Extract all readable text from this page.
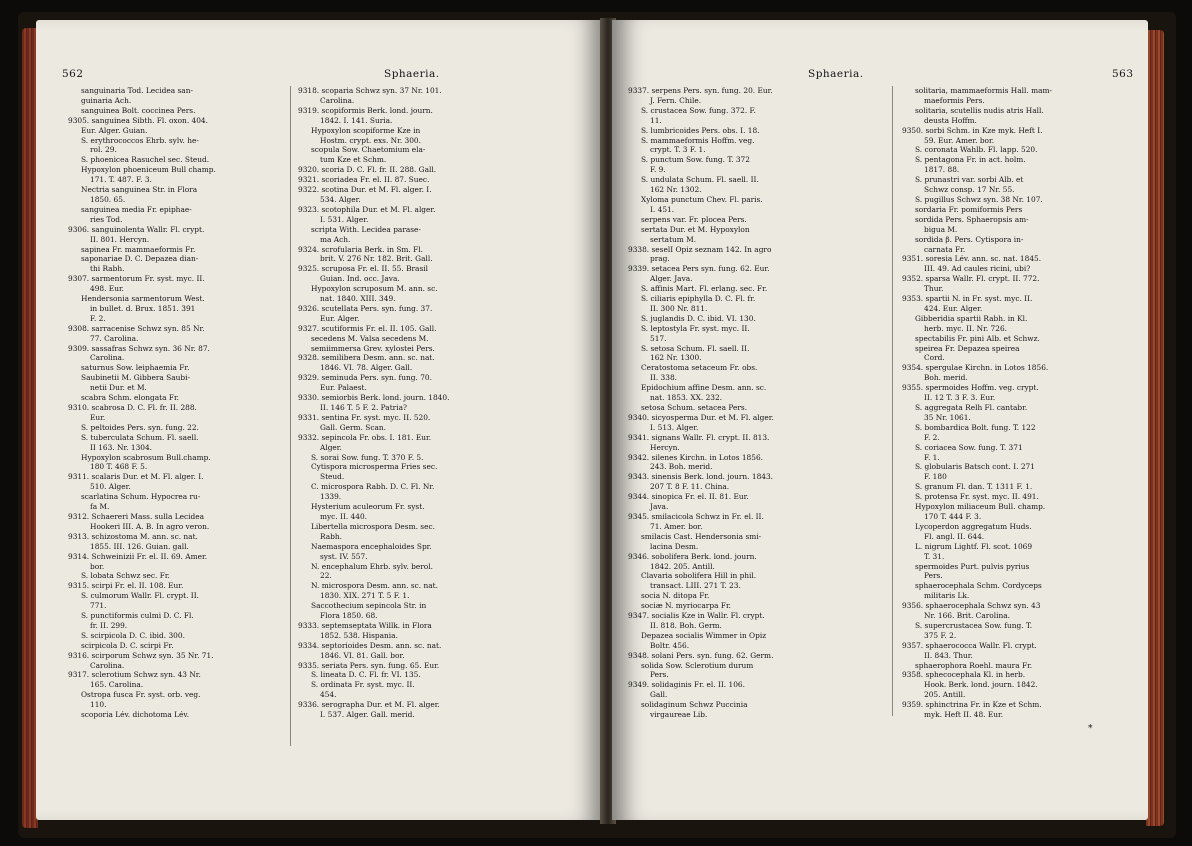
562	Sphaeria.
sanguinaria Tod. Lecidea san-
guinaria Ach.
sanguinea Bolt. coccinea Pers.
9305. sanguinea Sibth. Fl. oxon. 404.
Eur. Alger. Guian.
S. erythrococcos Ehrb. sylv. he-
rol. 29.
S. phoenicea Rasuchel sec. Steud.
Hypoxylon phoeniceum Bull champ.
171. T. 487. F. 3.
Nectria sanguinea Str. in Flora
1850. 65.
sanguinea media Fr. epiphae-
ries Tod.
9306. sanguinolenta Wallr. Fl. crypt.
II. 801. Hercyn.
sapinea Fr. mammaeformis Fr.
saponariae D. C. Depazea dian-
thi Rabh.
9307. sarmentorum Fr. syst. myc. II.
498. Eur.
Hendersonia sarmentorum West.
in bullet. d. Brux. 1851. 391
F. 2.
9308. sarracenise Schwz syn. 85 Nr.
77. Carolina.
9309. sassafras Schwz syn. 36 Nr. 87.
Carolina.
saturnus Sow. leiphaemia Fr.
Saubinetii M. Gibbera Saubi-
netii Dur. et M.
scabra Schm. elongata Fr.
9310. scabrosa D. C. Fl. fr. II. 288.
Eur.
S. peltoides Pers. syn. fung. 22.
S. tuberculata Schum. Fl. saell.
II 163. Nr. 1304.
Hypoxylon scabrosum Bull.champ.
180 T. 468 F. 5.
9311. scalaris Dur. et M. Fl. alger. I.
510. Alger.
scarlatina Schum. Hypocrea ru-
fa M.
9312. Schaereri Mass. sulla Lecidea
Hookeri III. A. B. In agro veron.
9313. schizostoma M. ann. sc. nat.
1855. III. 126. Guian. gall.
9314. Schweinizii Fr. el. II. 69. Amer.
bor.
S. lobata Schwz sec. Fr.
9315. scirpi Fr. el. II. 108. Eur.
S. culmorum Wallr. Fl. crypt. II.
771.
S. punctiformis culmi D. C. Fl.
fr. II. 299.
S. scirpicola D. C. ibid. 300.
scirpicola D. C. scirpi Fr.
9316. scirporum Schwz syn. 35 Nr. 71.
Carolina.
9317. sclerotium Schwz syn. 43 Nr.
165. Carolina.
Ostropa fusca Fr. syst. orb. veg.
110.
scoporia Lév. dichotoma Lév.
9318. scoparia Schwz syn. 37 Nr. 101.
Carolina.
9319. scopiformis Berk. lond. journ.
1842. I. 141. Suria.
Hypoxylon scopiforme Kze in
Hostm. crypt. exs. Nr. 300.
scopula Sow. Chaetomium ela-
tum Kze et Schm.
9320. scoria D. C. Fl. fr. II. 288. Gall.
9321. scoriadea Fr. el. II. 87. Suec.
9322. scotina Dur. et M. Fl. alger. I.
534. Alger.
9323. scotophila Dur. et M. Fl. alger.
I. 531. Alger.
scripta With. Lecidea parase-
ma Ach.
9324. scrofularia Berk. in Sm. Fl.
brit. V. 276 Nr. 182. Brit. Gall.
9325. scruposa Fr. el. II. 55. Brasil
Guian. Ind. occ. Java.
Hypoxylon scruposum M. ann. sc.
nat. 1840. XIII. 349.
9326. scutellata Pers. syn. fung. 37.
Eur. Alger.
9327. scutiformis Fr. el. II. 105. Gall.
secedens M. Valsa secedens M.
semiimmersa Grev. xylostei Pers.
9328. semilibera Desm. ann. sc. nat.
1846. VI. 78. Alger. Gall.
9329. seminuda Pers. syn. fung. 70.
Eur. Palaest.
9330. semiorbis Berk. lond. journ. 1840.
II. 146 T. 5 F. 2. Patria?
9331. sentina Fr. syst. myc. II. 520.
Gall. Germ. Scan.
9332. sepincola Fr. obs. I. 181. Eur.
Alger.
S. sorai Sow. fung. T. 370 F. 5.
Cytispora microsperma Fries sec.
Steud.
C. microspora Rabh. D. C. Fl. Nr.
1339.
Hysterium aculeorum Fr. syst.
myc. II. 440.
Libertella microspora Desm. sec.
Rabh.
Naemaspora encephaloides Spr.
syst. IV. 557.
N. encephalum Ehrb. sylv. berol.
22.
N. microspora Desm. ann. sc. nat.
1830. XIX. 271 T. 5 F. 1.
Saccothecium sepincola Str. in
Flora 1850. 68.
9333. septemseptata Willk. in Flora
1852. 538. Hispania.
9334. septorioides Desm. ann. sc. nat.
1846. VI. 81. Gall. bor.
9335. seriata Pers. syn. fung. 65. Eur.
S. lineata D. C. Fl. fr. VI. 135.
S. ordinata Fr. syst. myc. II.
454.
9336. serographa Dur. et M. Fl. alger.
I. 537. Alger. Gall. merid.
Sphaeria.	563
9337. serpens Pers. syn. fung. 20. Eur.
J. Fern. Chile.
S. crustacea Sow. fung. 372. F.
11.
S. lumbricoides Pers. obs. I. 18.
S. mammaeformis Hoffm. veg.
crypt. T. 3 F. 1.
S. punctum Sow. fung. T. 372
F. 9.
S. undulata Schum. Fl. saell. II.
162 Nr. 1302.
Xyloma punctum Chev. Fl. paris.
I. 451.
serpens var. Fr. plocea Pers.
sertata Dur. et M. Hypoxylon
sertatum M.
9338. seselI Opiz seznam 142. In agro
prag.
9339. setacea Pers syn. fung. 62. Eur.
Alger. Java.
S. affinis Mart. Fl. erlang. sec. Fr.
S. ciliaris epiphylla D. C. Fl. fr.
II. 300 Nr. 811.
S. juglandis D. C. ibid. VI. 130.
S. leptostyla Fr. syst. myc. II.
517.
S. setosa Schum. Fl. saell. II.
162 Nr. 1300.
Ceratostoma setaceum Fr. obs.
II. 338.
Epidochium affine Desm. ann. sc.
nat. 1853. XX. 232.
setosa Schum. setacea Pers.
9340. sicyosperma Dur. et M. Fl. alger.
I. 513. Alger.
9341. signans Wallr. Fl. crypt. II. 813.
Hercyn.
9342. silenes Kirchn. in Lotos 1856.
243. Boh. merid.
9343. sinensis Berk. lond. journ. 1843.
207 T. 8 F. 11. China.
9344. sinopica Fr. el. II. 81. Eur.
Java.
9345. smilacicola Schwz in Fr. el. II.
71. Amer. bor.
smilacis Cast. Hendersonia smi-
lacina Desm.
9346. sobolifera Berk. lond. journ.
1842. 205. Antill.
Clavaria sobolifera Hill in phil.
transact. LIII. 271 T. 23.
socia N. ditopa Fr.
sociæ N. myriocarpa Fr.
9347. socialis Kze in Wallr. Fl. crypt.
II. 818. Boh. Germ.
Depazea socialis Wimmer in Opiz
Boltr. 456.
9348. solani Pers. syn. fung. 62. Germ.
solida Sow. Sclerotium durum
Pers.
9349. solidaginis Fr. el. II. 106.
Gall.
solidaginum Schwz Puccinia
virgaureae Lib.
solitaria, mammaeformis Hall. mam-
maeformis Pers.
solitaria, scutellis nudis atris Hall.
deusta Hoffm.
9350. sorbi Schm. in Kze myk. Heft I.
59. Eur. Amer. bor.
S. coronata Wahlb. Fl. lapp. 520.
S. pentagona Fr. in act. holm.
1817. 88.
S. prunastri var. sorbi Alb. et
Schwz consp. 17 Nr. 55.
S. pugillus Schwz syn. 38 Nr. 107.
sordaria Fr. pomiformis Pers
sordida Pers. Sphaeropsis am-
bigua M.
sordida β. Pers. Cytispora in-
carnata Fr.
9351. soresia Lév. ann. sc. nat. 1845.
III. 49. Ad caules ricini, ubi?
9352. sparsa Wallr. Fl. crypt. II. 772.
Thur.
9353. spartii N. in Fr. syst. myc. II.
424. Eur. Alger.
Gibberidia spartii Rabh. in Kl.
herb. myc. II. Nr. 726.
spectabilis Fr. pini Alb. et Schwz.
speirea Fr. Depazea speirea
Cord.
9354. spergulae Kirchn. in Lotos 1856.
Boh. merid.
9355. spermoides Hoffm. veg. crypt.
II. 12 T. 3 F. 3. Eur.
S. aggregata Relh Fl. cantabr.
35 Nr. 1061.
S. bombardica Bolt. fung. T. 122
F. 2.
S. coriacea Sow. fung. T. 371
F. 1.
S. globularis Batsch cont. I. 271
F. 180
S. granum Fl. dan. T. 1311 F. 1.
S. protensa Fr. syst. myc. II. 491.
Hypoxylon miliaceum Bull. champ.
170 T. 444 F. 3.
Lycoperdon aggregatum Huds.
Fl. angl. II. 644.
L. nigrum Lightf. Fl. scot. 1069
T. 31.
spermoides Purt. pulvis pyrius
Pers.
sphaerocephala Schm. Cordyceps
militaris Lk.
9356. sphaerocephala Schwz syn. 43
Nr. 166. Brit. Carolina.
S. supercrustacea Sow. fung. T.
375 F. 2.
9357. sphaerococca Wallr. Fl. crypt.
II. 843. Thur.
sphaerophora Roehl. maura Fr.
9358. sphecocephala Kl. in herb.
Hook. Berk. lond. journ. 1842.
205. Antill.
9359. sphinctrina Fr. in Kze et Schm.
myk. Heft II. 48. Eur.
*
